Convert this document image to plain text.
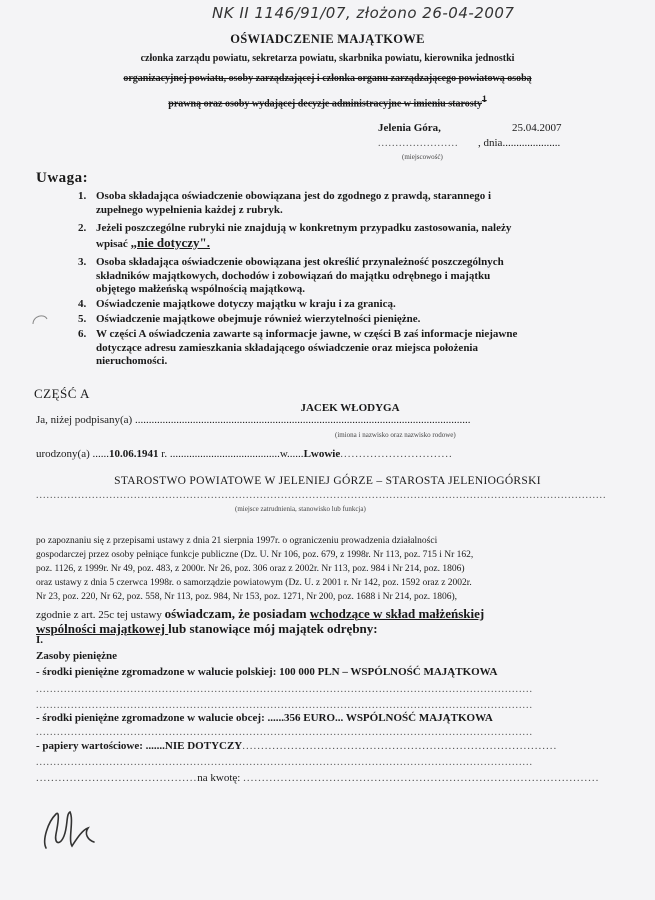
NK II 1146/91/07, złożono 26-04-2007
OŚWIADCZENIE MAJĄTKOWE
członka zarządu powiatu, sekretarza powiatu, skarbnika powiatu, kierownika jednostki
organizacyjnej powiatu, osoby zarządzającej i członka organu zarządzającego powiatową osobą
prawną oraz osoby wydającej decyzje administracyjne w imieniu starosty$^1$
Jelenia Góra,	25.04.2007
....................... , dnia.....................
(miejscowość)
Uwaga:
1. Osoba składająca oświadczenie obowiązana jest do zgodnego z prawdą, starannego i
zupełnego wypełnienia każdej z rubryk.
2. Jeżeli poszczególne rubryki nie znajdują w konkretnym przypadku zastosowania, należy
wpisać „nie dotyczy".
3. Osoba składająca oświadczenie obowiązana jest określić przynależność poszczególnych
składników majątkowych, dochodów i zobowiązań do majątku odrębnego i majątku
objętego małżeńską wspólnością majątkową.
4. Oświadczenie majątkowe dotyczy majątku w kraju i za granicą.
5. Oświadczenie majątkowe obejmuje również wierzytelności pieniężne.
6. W części A oświadczenia zawarte są informacje jawne, w części B zaś informacje niejawne
dotyczące adresu zamieszkania składającego oświadczenie oraz miejsca położenia
nieruchomości.
CZĘŚĆ A
JACEK WŁODYGA
Ja, niżej podpisany(a) ..........................................................................................................................
(imiona i nazwisko oraz nazwisko rodowe)
urodzony(a) ......10.06.1941 r. ........................................w......Lwowie..............................
STAROSTWO POWIATOWE W JELENIEJ GÓRZE – STAROSTA JELENIOGÓRSKI
...................................................................................................................................................................
(miejsce zatrudnienia, stanowisko lub funkcja)
po zapoznaniu się z przepisami ustawy z dnia 21 sierpnia 1997r. o ograniczeniu prowadzenia działalności
gospodarczej przez osoby pełniące funkcje publiczne (Dz. U. Nr 106, poz. 679, z 1998r. Nr 113, poz. 715 i Nr 162,
poz. 1126, z 1999r. Nr 49, poz. 483, z 2000r. Nr 26, poz. 306 oraz z 2002r. Nr 113, poz. 984 i Nr 214, poz. 1806)
oraz ustawy z dnia 5 czerwca 1998r. o samorządzie powiatowym (Dz. U. z 2001 r. Nr 142, poz. 1592 oraz z 2002r.
Nr 23, poz. 220, Nr 62, poz. 558, Nr 113, poz. 984, Nr 153, poz. 1271, Nr 200, poz. 1688 i Nr 214, poz. 1806),
zgodnie z art. 25c tej ustawy oświadczam, że posiadam wchodzące w skład małżeńskiej
wspólności majątkowej lub stanowiące mój majątek odrębny:
I.
Zasoby pieniężne
- środki pieniężne zgromadzone w walucie polskiej: 100 000 PLN – WSPÓLNOŚĆ MAJĄTKOWA
..............................................................................................................................................
..............................................................................................................................................
- środki pieniężne zgromadzone w walucie obcej: ......356 EURO... WSPÓLNOŚĆ MAJĄTKOWA
..............................................................................................................................................
- papiery wartościowe: .......NIE DOTYCZY....................................................................................
..............................................................................................................................................
...........................................na kwotę: ...............................................................................................
